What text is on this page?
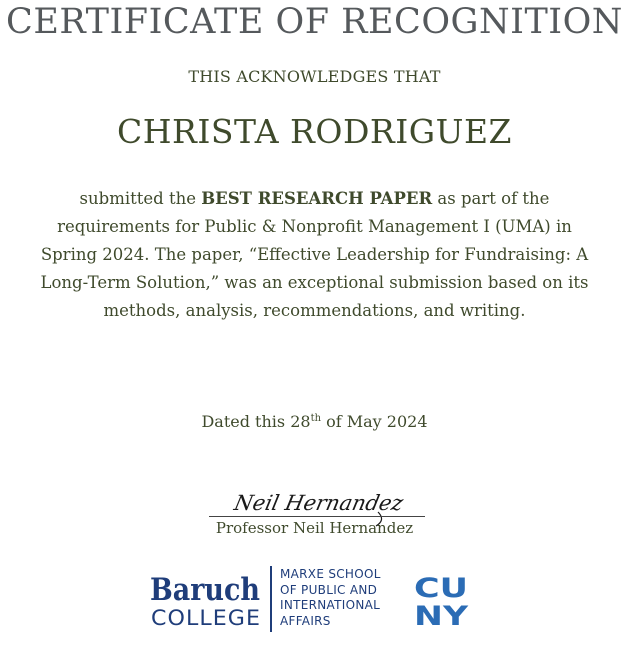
CERTIFICATE OF RECOGNITION
THIS ACKNOWLEDGES THAT
CHRISTA RODRIGUEZ
submitted the BEST RESEARCH PAPER as part of the requirements for Public & Nonprofit Management I (UMA) in Spring 2024. The paper, “Effective Leadership for Fundraising: A Long-Term Solution,” was an exceptional submission based on its methods, analysis, recommendations, and writing.
Dated this 28th of May 2024
Neil Hernandez
Professor Neil Hernandez
Baruch
COLLEGE
MARXE SCHOOL
OF PUBLIC AND
INTERNATIONAL
AFFAIRS
CU
NY
